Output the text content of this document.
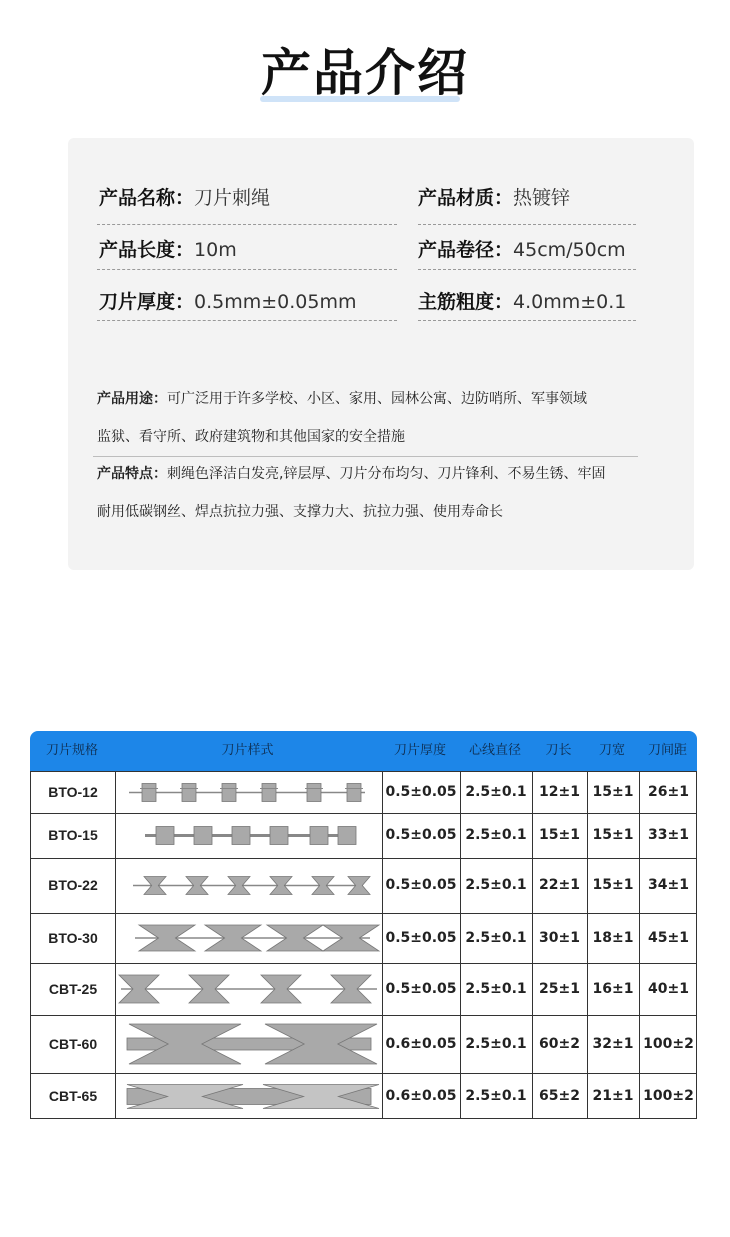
产品介绍
产品名称：刀片刺绳	产品材质：热镀锌
产品长度：10m	产品卷径：45cm/50cm
刀片厚度：0.5mm±0.05mm	主筋粗度：4.0mm±0.1
产品用途：可广泛用于许多学校、小区、家用、园林公寓、边防哨所、军事领域
监狱、看守所、政府建筑物和其他国家的安全措施
产品特点：刺绳色泽洁白发亮,锌层厚、刀片分布均匀、刀片锋利、不易生锈、牢固
耐用低碳钢丝、焊点抗拉力强、支撑力大、抗拉力强、使用寿命长
刀片规格	刀片样式	刀片厚度	心线直径	刀长	刀宽	刀间距
BTO-12	0.5±0.05 2.5±0.1 12±1 15±1	26±1
BTO-15	0.5±0.05 2.5±0.1 15±1 15±1	33±1
BTO-22	0.5±0.05 2.5±0.1 22±1 15±1	34±1
BTO-30	0.5±0.05 2.5±0.1 30±1 18±1	45±1
CBT-25	0.5±0.05 2.5±0.1 25±1 16±1	40±1
CBT-60	0.6±0.05 2.5±0.1 60±2 32±1 100±2
CBT-65	0.6±0.05 2.5±0.1 65±2 21±1 100±2
